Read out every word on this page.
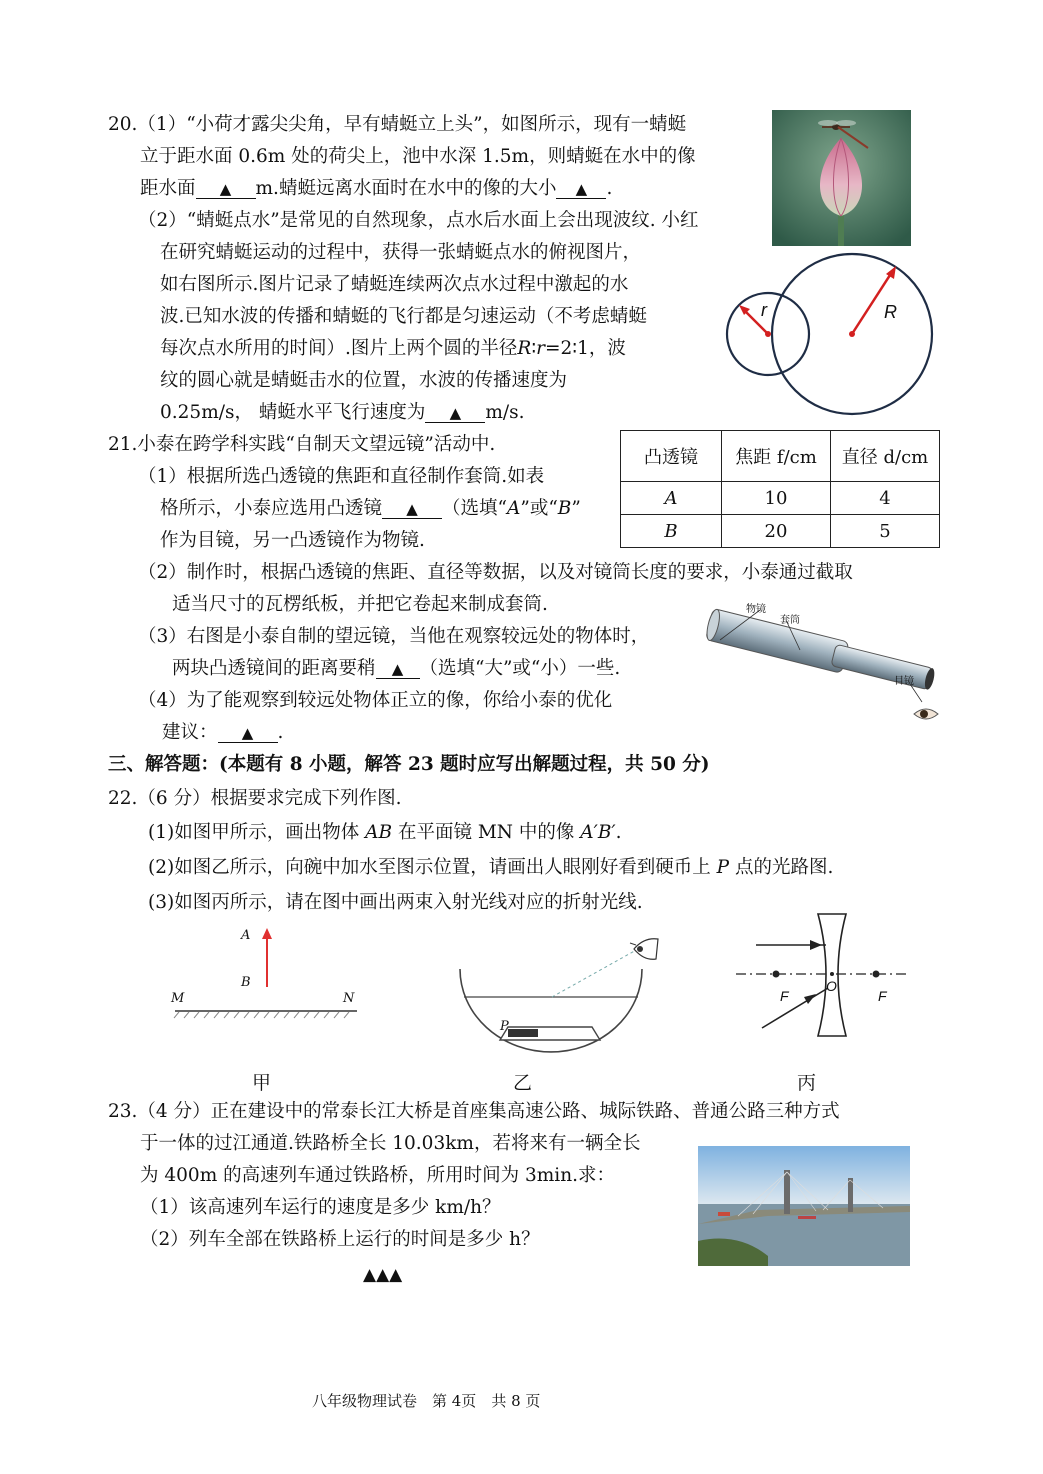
20.（1）“小荷才露尖尖角，早有蜻蜓立上头”，如图所示，现有一蜻蜓
立于距水面 0.6m 处的荷尖上，池中水深 1.5m，则蜻蜓在水中的像
距水面 ▲ m.蜻蜓远离水面时在水中的像的大小 ▲ .
（2）“蜻蜓点水”是常见的自然现象，点水后水面上会出现波纹. 小红
在研究蜻蜓运动的过程中，获得一张蜻蜓点水的俯视图片，
如右图所示.图片记录了蜻蜓连续两次点水过程中激起的水
波.已知水波的传播和蜻蜓的飞行都是匀速运动（不考虑蜻蜓
每次点水所用的时间）.图片上两个圆的半径R∶r=2∶1，波
纹的圆心就是蜻蜓击水的位置，水波的传播速度为
0.25m/s， 蜻蜓水平飞行速度为 ▲ m/s.
r	R
21.小泰在跨学科实践“自制天文望远镜”活动中.
（1）根据所选凸透镜的焦距和直径制作套筒.如表
格所示，小泰应选用凸透镜 ▲ （选填“A”或“B”
作为目镜，另一凸透镜作为物镜.
凸透镜	焦距 f/cm	直径 d/cm
A	10	4
B	20	5
（2）制作时，根据凸透镜的焦距、直径等数据，以及对镜筒长度的要求，小泰通过截取
适当尺寸的瓦楞纸板，并把它卷起来制成套筒.
（3）右图是小泰自制的望远镜，当他在观察较远处的物体时，
两块凸透镜间的距离要稍 ▲ （选填“大”或“小）一些.
（4）为了能观察到较远处物体正立的像，你给小泰的优化
建议： ▲ .
物镜
套筒
目镜
三、解答题：(本题有 8 小题，解答 23 题时应写出解题过程，共 50 分)
22.（6 分）根据要求完成下列作图.
(1)如图甲所示，画出物体 AB 在平面镜 MN 中的像 A′B′.
(2)如图乙所示，向碗中加水至图示位置，请画出人眼刚好看到硬币上 P 点的光路图.
(3)如图丙所示，请在图中画出两束入射光线对应的折射光线.
A
B
M	N
甲
P
乙
F
O
F
丙
23.（4 分）正在建设中的常泰长江大桥是首座集高速公路、城际铁路、普通公路三种方式
于一体的过江通道.铁路桥全长 10.03km，若将来有一辆全长
为 400m 的高速列车通过铁路桥，所用时间为 3min.求：
（1）该高速列车运行的速度是多少 km/h？
（2）列车全部在铁路桥上运行的时间是多少 h？
▲▲▲
八年级物理试卷　第 4页　共 8 页
